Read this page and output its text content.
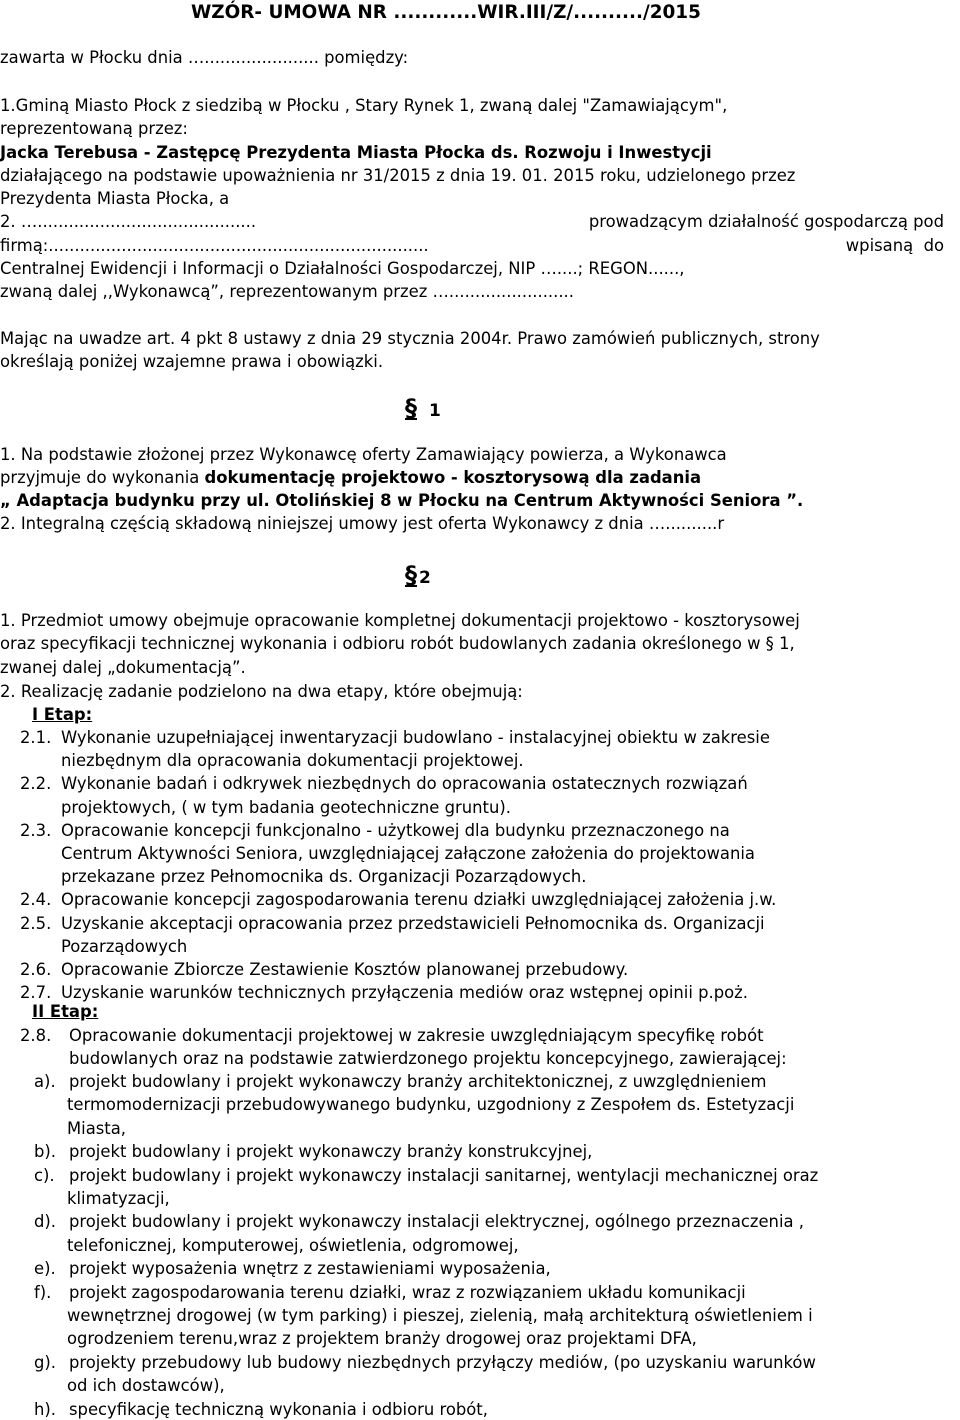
WZÓR- UMOWA NR ............WIR.III/Z/........../2015
zawarta w Płocku dnia …...................... pomiędzy:
1.Gminą Miasto Płock z siedzibą w Płocku , Stary Rynek 1, zwaną dalej "Zamawiającym",
reprezentowaną przez:
Jacka Terebusa - Zastępcę Prezydenta Miasta Płocka ds. Rozwoju i Inwestycji
działającego na podstawie upoważnienia nr 31/2015 z dnia 19. 01. 2015 roku, udzielonego przez
Prezydenta Miasta Płocka, a
2. …..........................................	prowadzącym działalność gospodarczą pod
firmą:.........................................................................	wpisaną  do
Centralnej Ewidencji i Informacji o Działalności Gospodarczej, NIP …....; REGON......,
zwaną dalej ,,Wykonawcą”, reprezentowanym przez …........................
Mając na uwadze art. 4 pkt 8 ustawy z dnia 29 stycznia 2004r. Prawo zamówień publicznych, strony
określają poniżej wzajemne prawa i obowiązki.
§ 1
1. Na podstawie złożonej przez Wykonawcę oferty Zamawiający powierza, a Wykonawca
przyjmuje do wykonania dokumentację projektowo - kosztorysową dla zadania
„ Adaptacja budynku przy ul. Otolińskiej 8 w Płocku na Centrum Aktywności Seniora ”.
2. Integralną częścią składową niniejszej umowy jest oferta Wykonawcy z dnia …..........r
§ 2
1. Przedmiot umowy obejmuje opracowanie kompletnej dokumentacji projektowo - kosztorysowej
oraz specyfikacji technicznej wykonania i odbioru robót budowlanych zadania określonego w § 1,
zwanej dalej „dokumentacją”.
2. Realizację zadanie podzielono na dwa etapy, które obejmują:
I Etap:
2.1. Wykonanie uzupełniającej inwentaryzacji budowlano - instalacyjnej obiektu w zakresie
niezbędnym dla opracowania dokumentacji projektowej.
2.2. Wykonanie badań i odkrywek niezbędnych do opracowania ostatecznych rozwiązań
projektowych, ( w tym badania geotechniczne gruntu).
2.3. Opracowanie koncepcji funkcjonalno - użytkowej dla budynku przeznaczonego na
Centrum Aktywności Seniora, uwzględniającej załączone założenia do projektowania
przekazane przez Pełnomocnika ds. Organizacji Pozarządowych.
2.4. Opracowanie koncepcji zagospodarowania terenu działki uwzględniającej założenia j.w.
2.5. Uzyskanie akceptacji opracowania przez przedstawicieli Pełnomocnika ds. Organizacji
Pozarządowych
2.6. Opracowanie Zbiorcze Zestawienie Kosztów planowanej przebudowy.
2.7. Uzyskanie warunków technicznych przyłączenia mediów oraz wstępnej opinii p.poż.
II Etap:
2.8. Opracowanie dokumentacji projektowej w zakresie uwzględniającym specyfikę robót
budowlanych oraz na podstawie zatwierdzonego projektu koncepcyjnego, zawierającej:
a). projekt budowlany i projekt wykonawczy branży architektonicznej, z uwzględnieniem
termomodernizacji przebudowywanego budynku, uzgodniony z Zespołem ds. Estetyzacji
Miasta,
b). projekt budowlany i projekt wykonawczy branży konstrukcyjnej,
c). projekt budowlany i projekt wykonawczy instalacji sanitarnej, wentylacji mechanicznej oraz
klimatyzacji,
d). projekt budowlany i projekt wykonawczy instalacji elektrycznej, ogólnego przeznaczenia ,
telefonicznej, komputerowej, oświetlenia, odgromowej,
e). projekt wyposażenia wnętrz z zestawieniami wyposażenia,
f). projekt zagospodarowania terenu działki, wraz z rozwiązaniem układu komunikacji
wewnętrznej drogowej (w tym parking) i pieszej, zielenią, małą architekturą oświetleniem i
ogrodzeniem terenu,wraz z projektem branży drogowej oraz projektami DFA,
g). projekty przebudowy lub budowy niezbędnych przyłączy mediów, (po uzyskaniu warunków
od ich dostawców),
h). specyfikację techniczną wykonania i odbioru robót,
